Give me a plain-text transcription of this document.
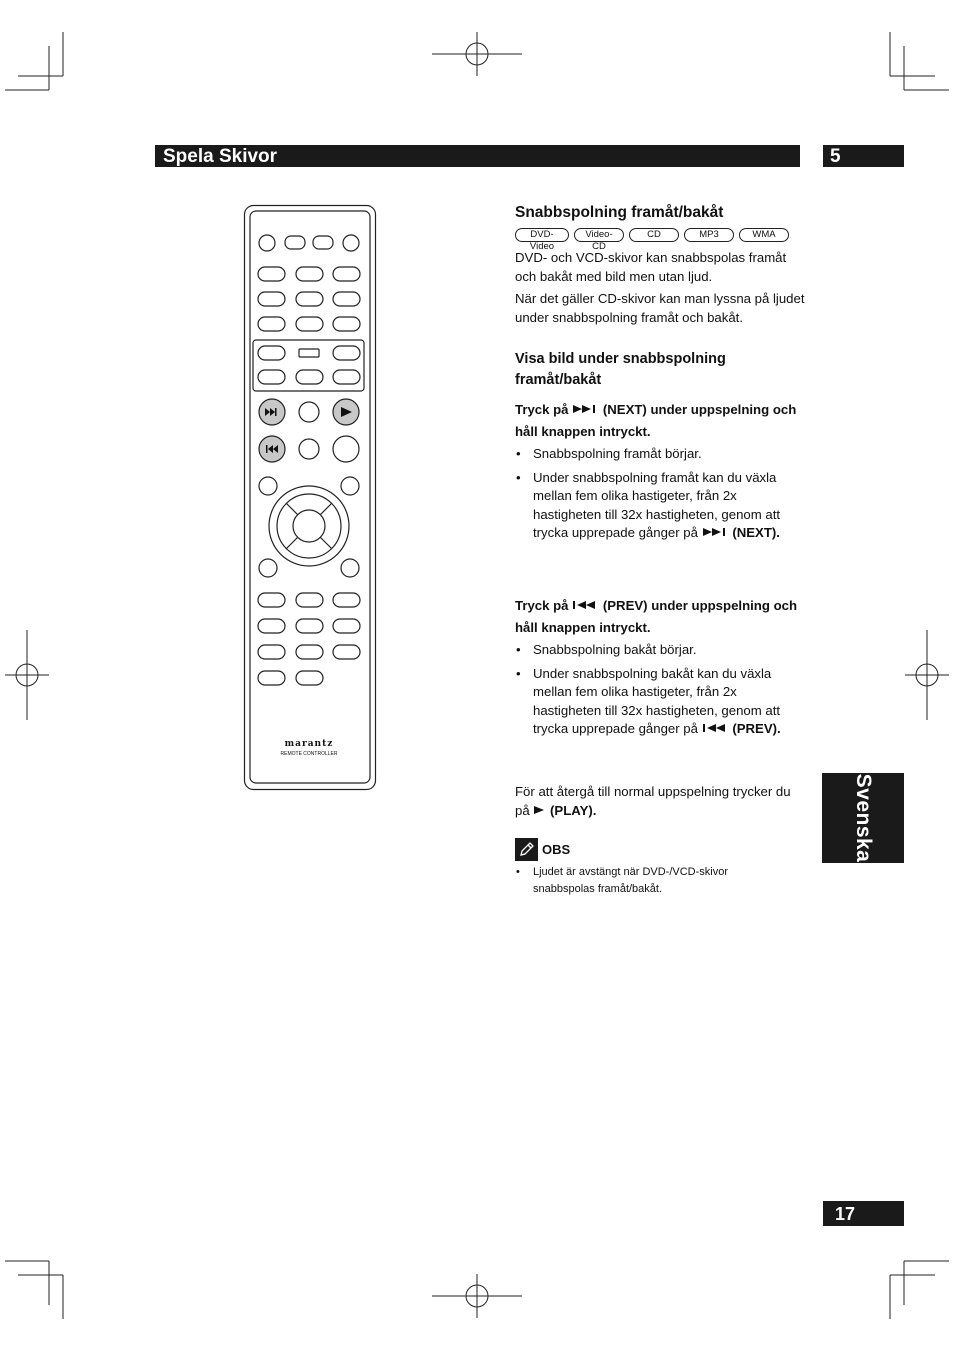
Spela Skivor	5
Svenska
17
marantz
REMOTE CONTROLLER
Snabbspolning framåt/bakåt
DVD-Video
Video-CD
CD	MP3	WMA

DVD- och VCD-skivor kan snabbspolas framåt och bakåt med bild men utan ljud.

När det gäller CD-skivor kan man lyssna på ljudet under snabbspolning framåt och bakåt.

Visa bild under snabbspolning framåt/bakåt
Tryck på	(NEXT) under uppspelning och håll knappen intryckt.
• Snabbspolning framåt börjar.
• Under snabbspolning framåt kan du växla mellan fem olika hastigeter, från 2x hastigheten till 32x hastigheten, genom att trycka upprepade gånger på	(NEXT).
Tryck på	(PREV) under uppspelning och håll knappen intryckt.
• Snabbspolning bakåt börjar.
• Under snabbspolning bakåt kan du växla mellan fem olika hastigeter, från 2x hastigheten till 32x hastigheten, genom att trycka upprepade gånger på	(PREV).

För att återgå till normal uppspelning trycker du på (PLAY).

OBS
• Ljudet är avstängt när DVD-/VCD-skivor snabbspolas framåt/bakåt.
